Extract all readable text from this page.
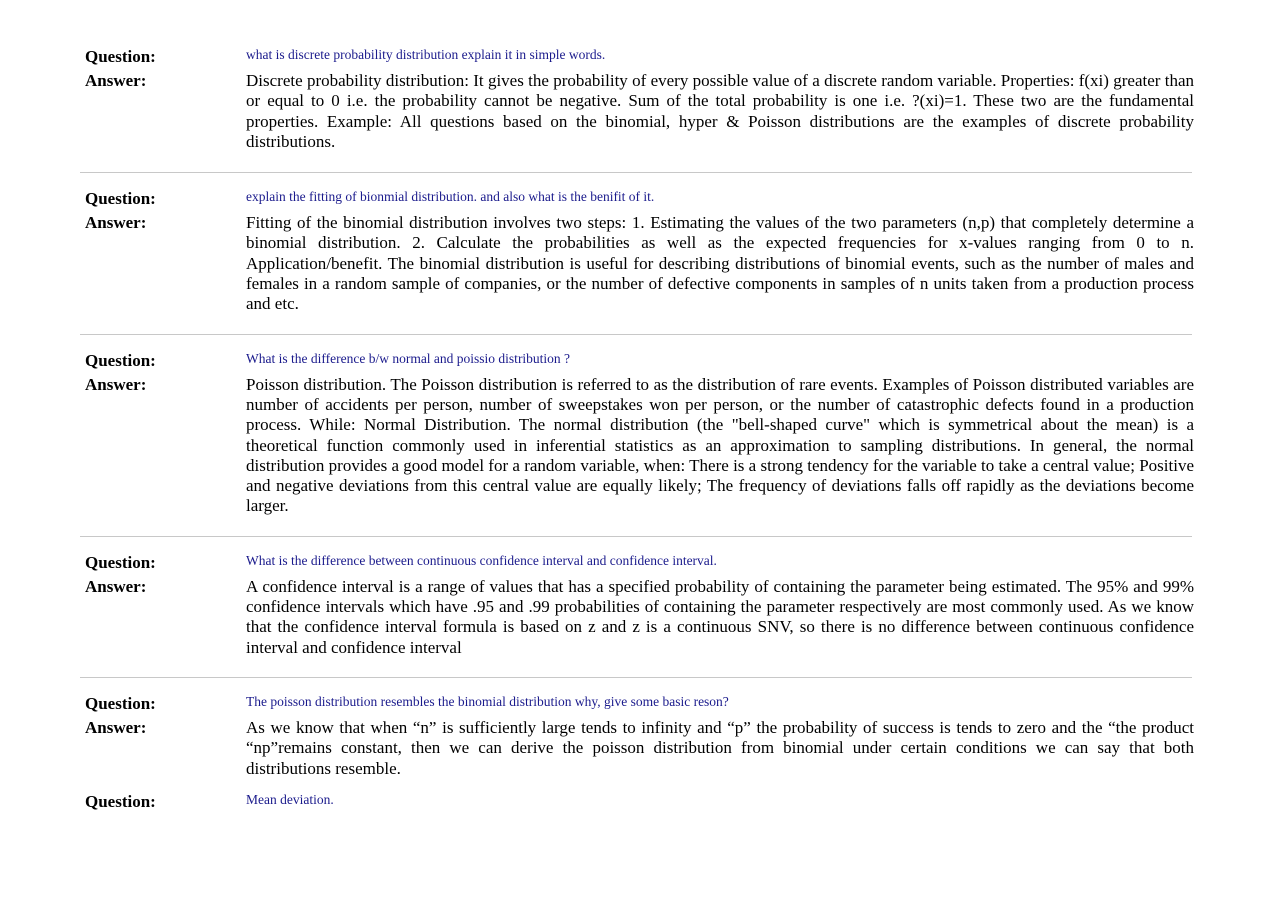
Question:	what is discrete probability distribution explain it in simple words.
Answer:	Discrete probability distribution: It gives the probability of every possible value of a discrete random variable. Properties: f(xi) greater than or equal to 0 i.e. the probability cannot be negative. Sum of the total probability is one i.e. ?(xi)=1. These two are the fundamental properties. Example: All questions based on the binomial, hyper & Poisson distributions are the examples of discrete probability distributions.
Question:	explain the fitting of bionmial distribution. and also what is the benifit of it.
Answer:	Fitting of the binomial distribution involves two steps: 1. Estimating the values of the two parameters (n,p) that completely determine a binomial distribution. 2. Calculate the probabilities as well as the expected frequencies for x-values ranging from 0 to n. Application/benefit. The binomial distribution is useful for describing distributions of binomial events, such as the number of males and females in a random sample of companies, or the number of defective components in samples of n units taken from a production process and etc.
Question:	What is the difference b/w normal and poissio distribution ?
Answer:	Poisson distribution. The Poisson distribution is referred to as the distribution of rare events. Examples of Poisson distributed variables are number of accidents per person, number of sweepstakes won per person, or the number of catastrophic defects found in a production process. While: Normal Distribution. The normal distribution (the "bell-shaped curve" which is symmetrical about the mean) is a theoretical function commonly used in inferential statistics as an approximation to sampling distributions. In general, the normal distribution provides a good model for a random variable, when: There is a strong tendency for the variable to take a central value; Positive and negative deviations from this central value are equally likely; The frequency of deviations falls off rapidly as the deviations become larger.
Question:	What is the difference between continuous confidence interval and confidence interval.
Answer:	A confidence interval is a range of values that has a specified probability of containing the parameter being estimated. The 95% and 99% confidence intervals which have .95 and .99 probabilities of containing the parameter respectively are most commonly used. As we know that the confidence interval formula is based on z and z is a continuous SNV, so there is no difference between continuous confidence interval and confidence interval
Question:	The poisson distribution resembles the binomial distribution why, give some basic reson?
Answer:	As we know that when “n” is sufficiently large tends to infinity and “p” the probability of success is tends to zero and the “the product “np”remains constant, then we can derive the poisson distribution from binomial under certain conditions we can say that both distributions resemble.
Question:	Mean deviation.
